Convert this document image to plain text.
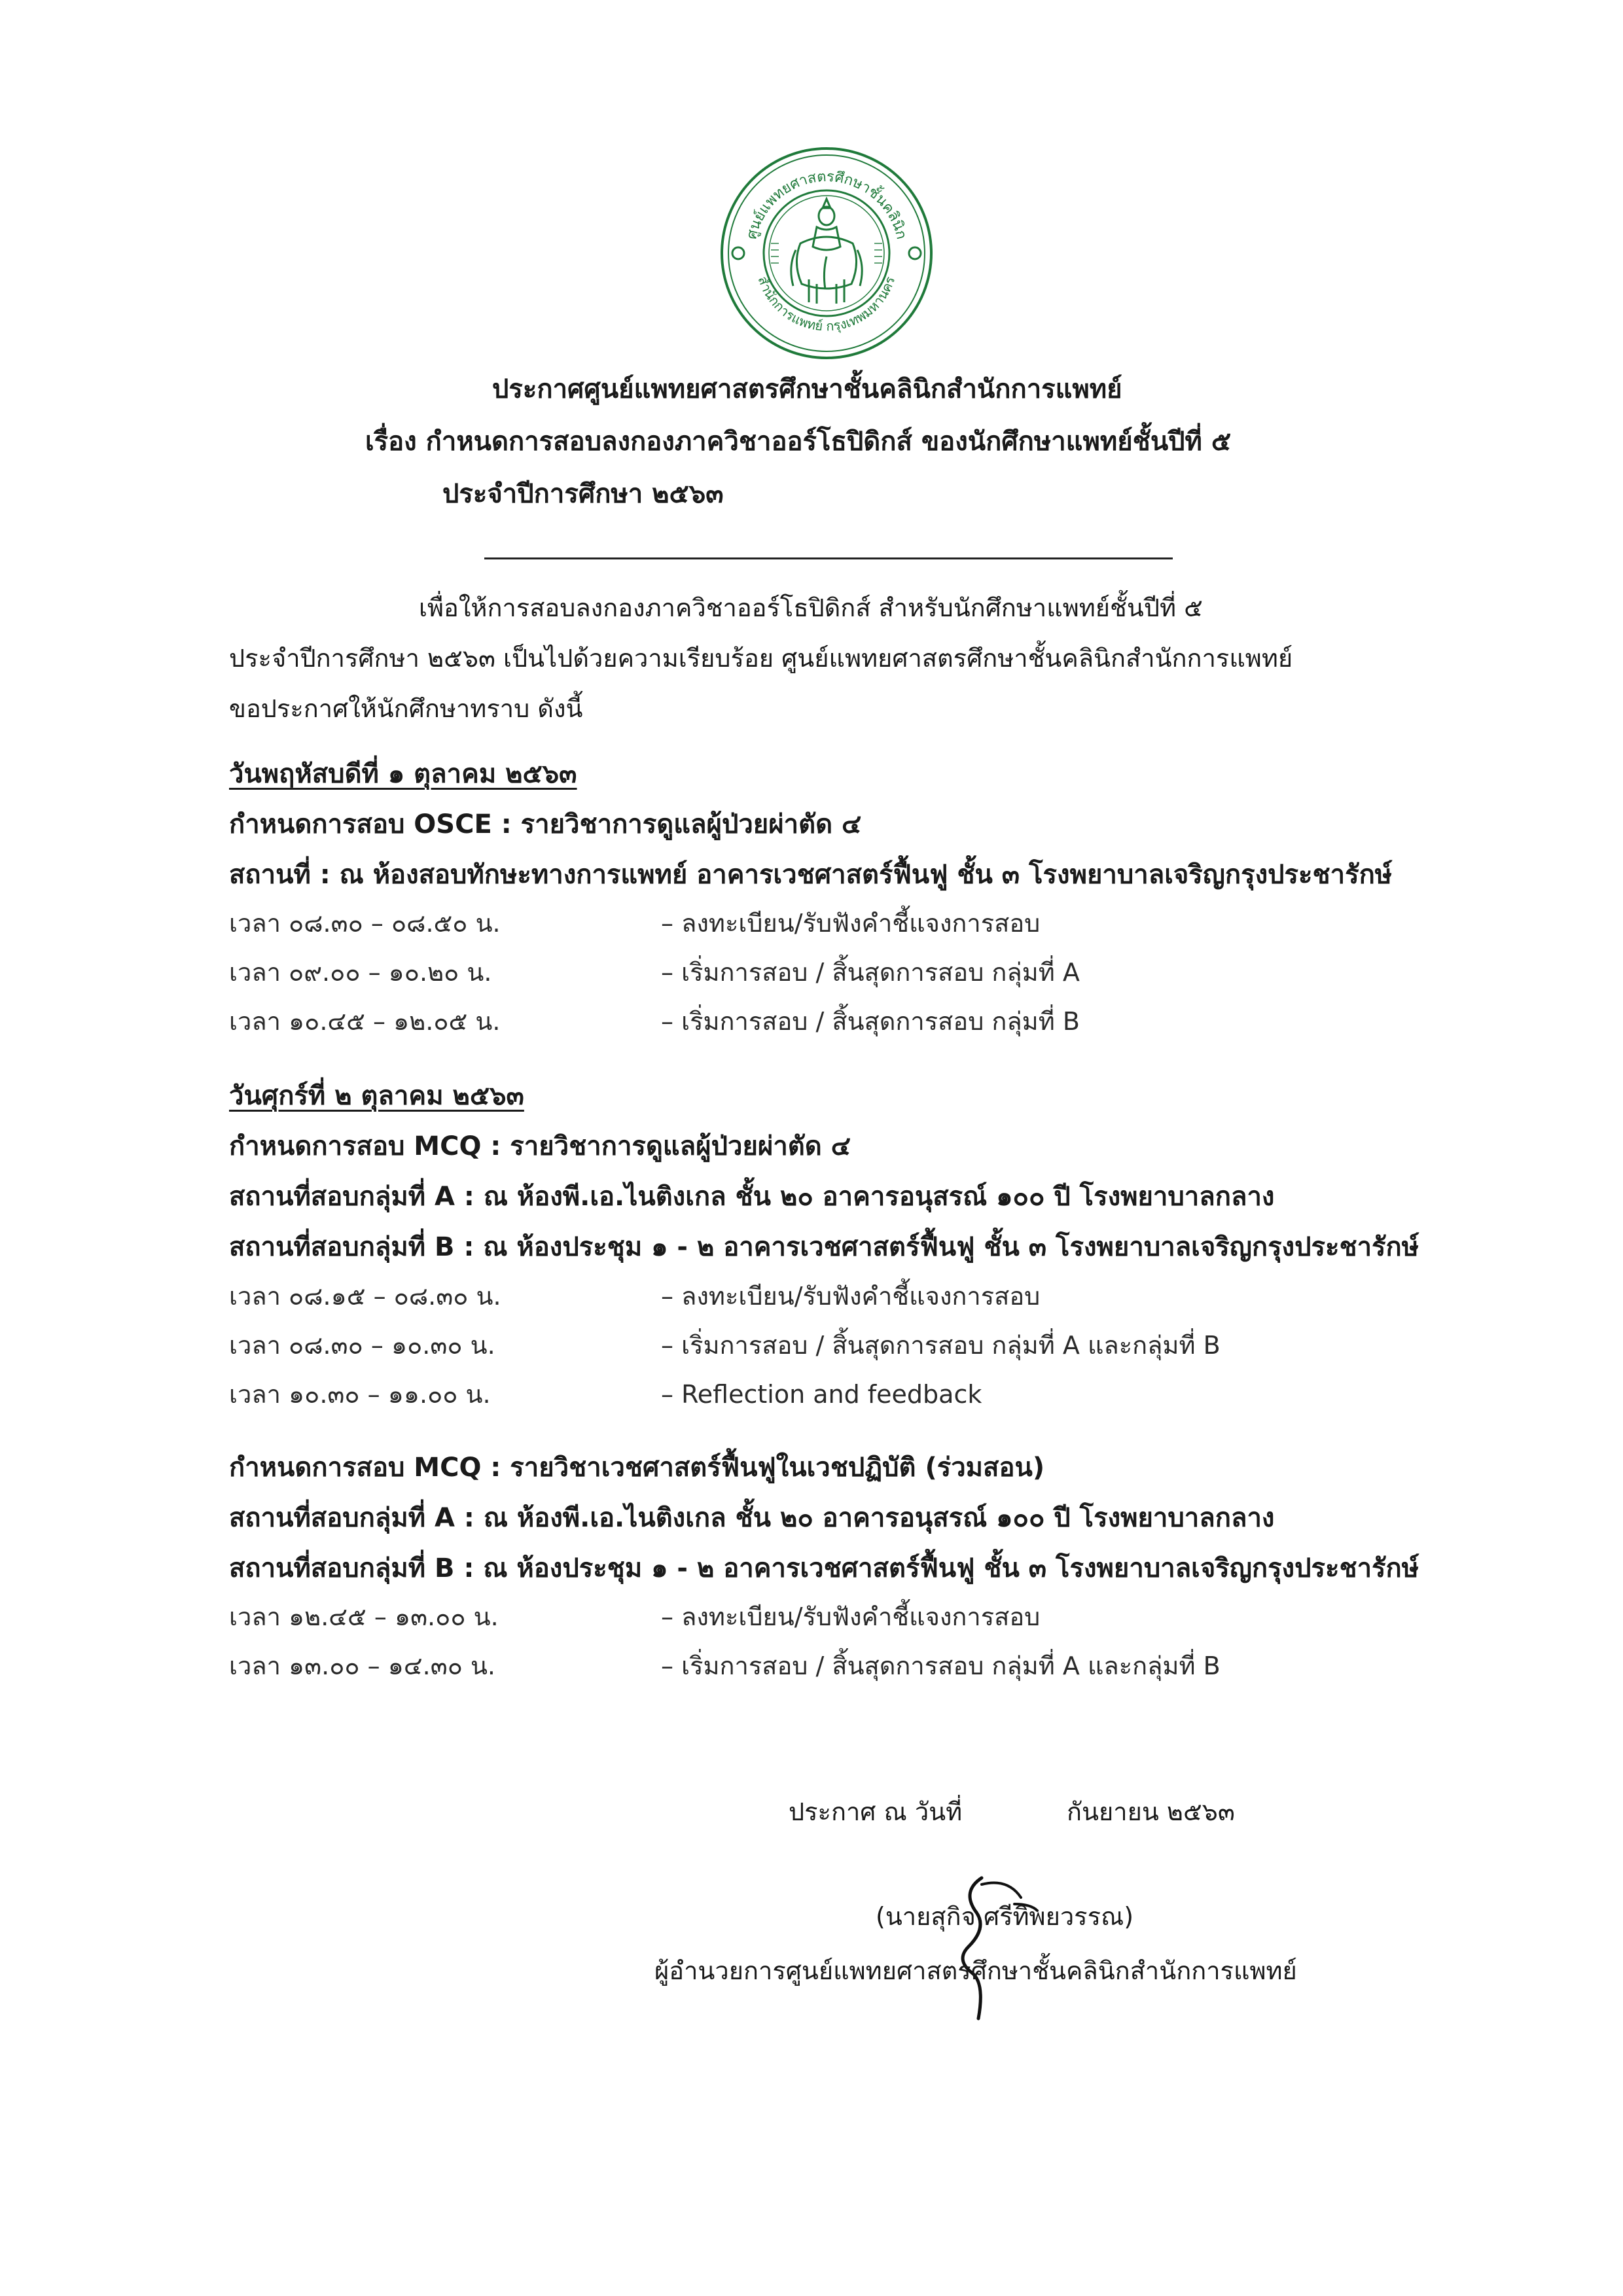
ศูนย์แพทยศาสตรศึกษาชั้นคลินิก
สำนักการแพทย์ กรุงเทพมหานคร
ประกาศศูนย์แพทยศาสตรศึกษาชั้นคลินิกสำนักการแพทย์
เรื่อง กำหนดการสอบลงกองภาควิชาออร์โธปิดิกส์ ของนักศึกษาแพทย์ชั้นปีที่ ๕
ประจำปีการศึกษา ๒๕๖๓
เพื่อให้การสอบลงกองภาควิชาออร์โธปิดิกส์ สำหรับนักศึกษาแพทย์ชั้นปีที่ ๕
ประจำปีการศึกษา ๒๕๖๓ เป็นไปด้วยความเรียบร้อย ศูนย์แพทยศาสตรศึกษาชั้นคลินิกสำนักการแพทย์
ขอประกาศให้นักศึกษาทราบ ดังนี้
วันพฤหัสบดีที่ ๑ ตุลาคม ๒๕๖๓
กำหนดการสอบ OSCE : รายวิชาการดูแลผู้ป่วยผ่าตัด ๔
สถานที่ : ณ ห้องสอบทักษะทางการแพทย์ อาคารเวชศาสตร์ฟื้นฟู ชั้น ๓ โรงพยาบาลเจริญกรุงประชารักษ์
เวลา ๐๘.๓๐ – ๐๘.๕๐ น.	– ลงทะเบียน/รับฟังคำชี้แจงการสอบ
เวลา ๐๙.๐๐ – ๑๐.๒๐ น.	– เริ่มการสอบ / สิ้นสุดการสอบ กลุ่มที่ A
เวลา ๑๐.๔๕ – ๑๒.๐๕ น.	– เริ่มการสอบ / สิ้นสุดการสอบ กลุ่มที่ B
วันศุกร์ที่ ๒ ตุลาคม ๒๕๖๓
กำหนดการสอบ MCQ : รายวิชาการดูแลผู้ป่วยผ่าตัด ๔
สถานที่สอบกลุ่มที่ A : ณ ห้องพี.เอ.ไนติงเกล ชั้น ๒๐ อาคารอนุสรณ์ ๑๐๐ ปี โรงพยาบาลกลาง
สถานที่สอบกลุ่มที่ B : ณ ห้องประชุม ๑ - ๒ อาคารเวชศาสตร์ฟื้นฟู ชั้น ๓ โรงพยาบาลเจริญกรุงประชารักษ์
เวลา ๐๘.๑๕ – ๐๘.๓๐ น.	– ลงทะเบียน/รับฟังคำชี้แจงการสอบ
เวลา ๐๘.๓๐ – ๑๐.๓๐ น.	– เริ่มการสอบ / สิ้นสุดการสอบ กลุ่มที่ A และกลุ่มที่ B
เวลา ๑๐.๓๐ – ๑๑.๐๐ น.	– Reflection and feedback
กำหนดการสอบ MCQ : รายวิชาเวชศาสตร์ฟื้นฟูในเวชปฏิบัติ (ร่วมสอน)
สถานที่สอบกลุ่มที่ A : ณ ห้องพี.เอ.ไนติงเกล ชั้น ๒๐ อาคารอนุสรณ์ ๑๐๐ ปี โรงพยาบาลกลาง
สถานที่สอบกลุ่มที่ B : ณ ห้องประชุม ๑ - ๒ อาคารเวชศาสตร์ฟื้นฟู ชั้น ๓ โรงพยาบาลเจริญกรุงประชารักษ์
เวลา ๑๒.๔๕ – ๑๓.๐๐ น.	– ลงทะเบียน/รับฟังคำชี้แจงการสอบ
เวลา ๑๓.๐๐ – ๑๔.๓๐ น.	– เริ่มการสอบ / สิ้นสุดการสอบ กลุ่มที่ A และกลุ่มที่ B
ประกาศ ณ วันที่	กันยายน ๒๕๖๓
(นายสุกิจ ศรีทิพยวรรณ)
ผู้อำนวยการศูนย์แพทยศาสตรศึกษาชั้นคลินิกสำนักการแพทย์
